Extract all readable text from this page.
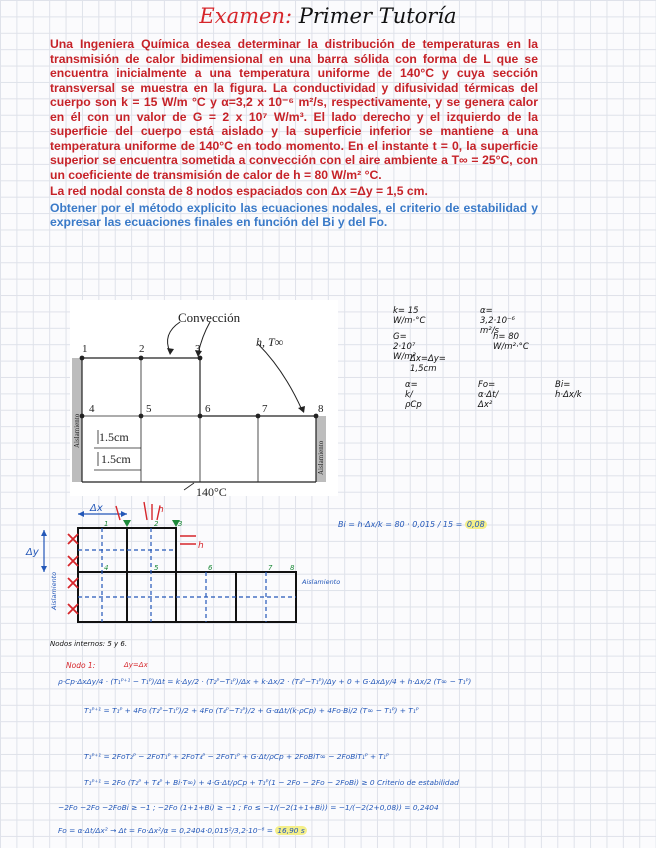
Examen: Primer Tutoría

Una Ingeniera Química desea determinar la distribución de temperaturas en la transmisión de calor bidimensional en una barra sólida con forma de L que se encuentra inicialmente a una temperatura uniforme de 140°C y cuya sección transversal se muestra en la figura. La conductividad y difusividad térmicas del cuerpo son k = 15 W/m °C y α=3,2 x 10⁻⁶ m²/s, respectivamente, y se genera calor en él con un valor de G = 2 x 10⁷ W/m³. El lado derecho y el izquierdo de la superficie del cuerpo está aislado y la superficie inferior se mantiene a una temperatura uniforme de 140°C en todo momento. En el instante t = 0, la superficie superior se encuentra sometida a convección con el aire ambiente a T∞ = 25°C, con un coeficiente de transmisión de calor de h = 80 W/m² °C.

La red nodal consta de 8 nodos espaciados con Δx =Δy = 1,5 cm.

Obtener por el método explicito las ecuaciones nodales, el criterio de estabilidad y expresar las ecuaciones finales en función del Bi y del Fo.

Convección
h, T∞
1	2	3
4	5	6	7	8
1.5cm
1.5cm
140°C
Aislamiento
Aislamiento
k= 15 W/m·°C
α= 3,2·10⁻⁶ m²/s
G= 2·10⁷ W/m³
h= 80 W/m²·°C
Δx=Δy= 1,5cm
α= k/ρCp
Fo= α·Δt/Δx²
Bi= h·Δx/k
Δx
Δy
h
h
Aislamiento	Aislamiento
1	2	3
4	5	6	7	8
Bi = h·Δx/k = 80 · 0,015 / 15 = 0,08
Nodos internos: 5 y 6.
Nodo 1:	Δy=Δx
ρ·Cp·ΔxΔy/4 · (T₁ᴾ⁺¹ − T₁ᴾ)/Δt = k·Δy/2 · (T₂ᴾ−T₁ᴾ)/Δx + k·Δx/2 · (T₄ᴾ−T₁ᴾ)/Δy + 0 + G·ΔxΔy/4 + h·Δx/2 (T∞ − T₁ᴾ)
T₁ᴾ⁺¹ = T₁ᴾ + 4Fo (T₂ᴾ−T₁ᴾ)/2 + 4Fo (T₄ᴾ−T₁ᴾ)/2 + G·αΔt/(k·ρCp) + 4Fo·Bi/2 (T∞ − T₁ᴾ) + T₁ᴾ
T₁ᴾ⁺¹ = 2FoT₂ᴾ − 2FoT₁ᴾ + 2FoT₄ᴾ − 2FoT₁ᴾ + G·Δt/ρCp + 2FoBiT∞ − 2FoBiT₁ᴾ + T₁ᴾ
T₁ᴾ⁺¹ = 2Fo (T₂ᴾ + T₄ᴾ + Bi·T∞) + 4·G·Δt/ρCp + T₁ᴾ(1 − 2Fo − 2Fo − 2FoBi) ≥ 0 Criterio de estabilidad
−2Fo −2Fo −2FoBi ≥ −1 ; −2Fo (1+1+Bi) ≥ −1 ; Fo ≤ −1/(−2(1+1+Bi)) = −1/(−2(2+0,08)) = 0,2404
Fo = α·Δt/Δx² → Δt = Fo·Δx²/α = 0,2404·0,015²/3,2·10⁻⁶ = 16,90 s
